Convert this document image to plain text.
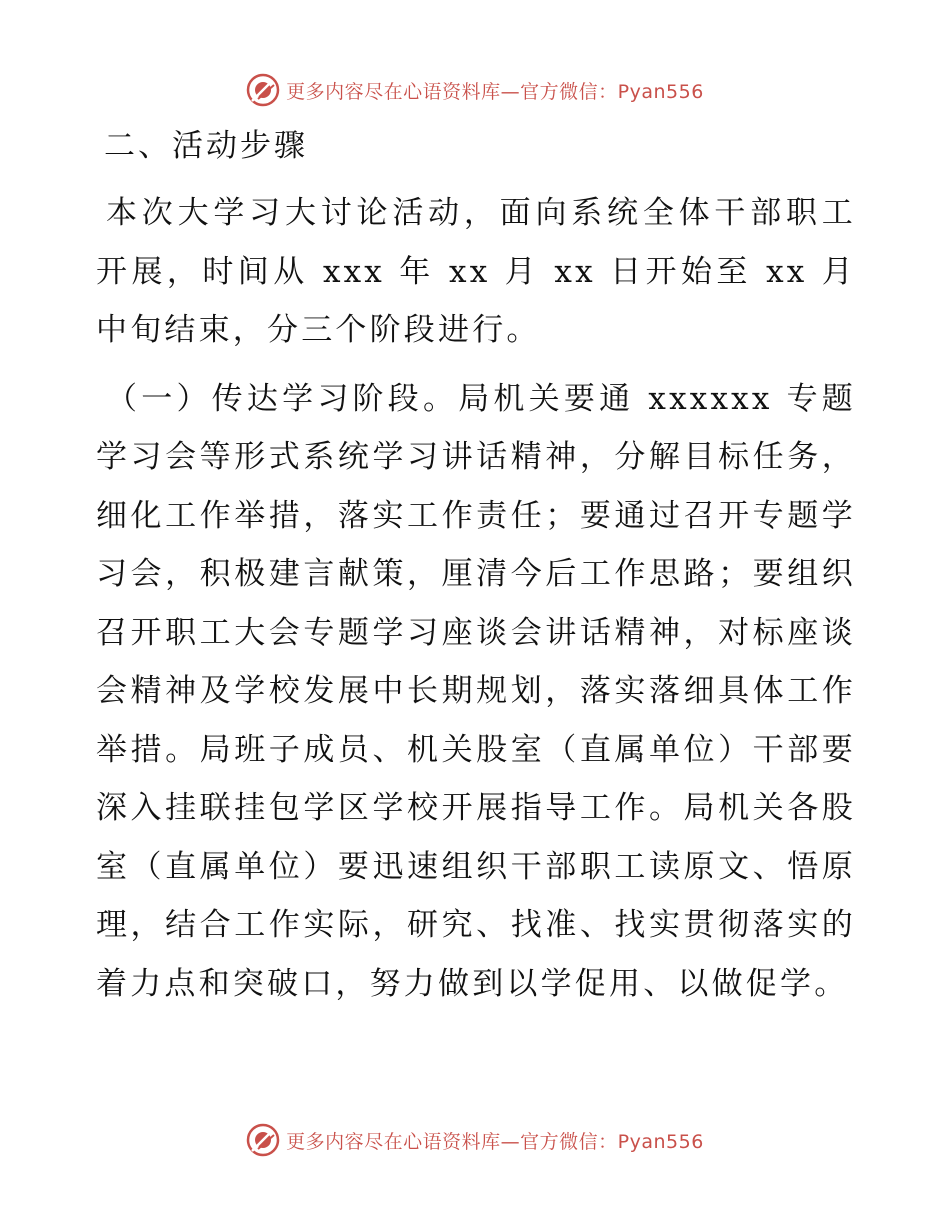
更多内容尽在心语资料库—官方微信：Pyan556
二、活动步骤

本次大学习大讨论活动，面向系统全体干部职工开展，时间从 xxx 年 xx 月 xx 日开始至 xx 月中旬结束，分三个阶段进行。

（一）传达学习阶段。局机关要通 xxxxxx 专题学习会等形式系统学习讲话精神，分解目标任务，细化工作举措，落实工作责任；要通过召开专题学习会，积极建言献策，厘清今后工作思路；要组织召开职工大会专题学习座谈会讲话精神，对标座谈会精神及学校发展中长期规划，落实落细具体工作举措。局班子成员、机关股室（直属单位）干部要深入挂联挂包学区学校开展指导工作。局机关各股室（直属单位）要迅速组织干部职工读原文、悟原理，结合工作实际，研究、找准、找实贯彻落实的着力点和突破口，努力做到以学促用、以做促学。

更多内容尽在心语资料库—官方微信：Pyan556
